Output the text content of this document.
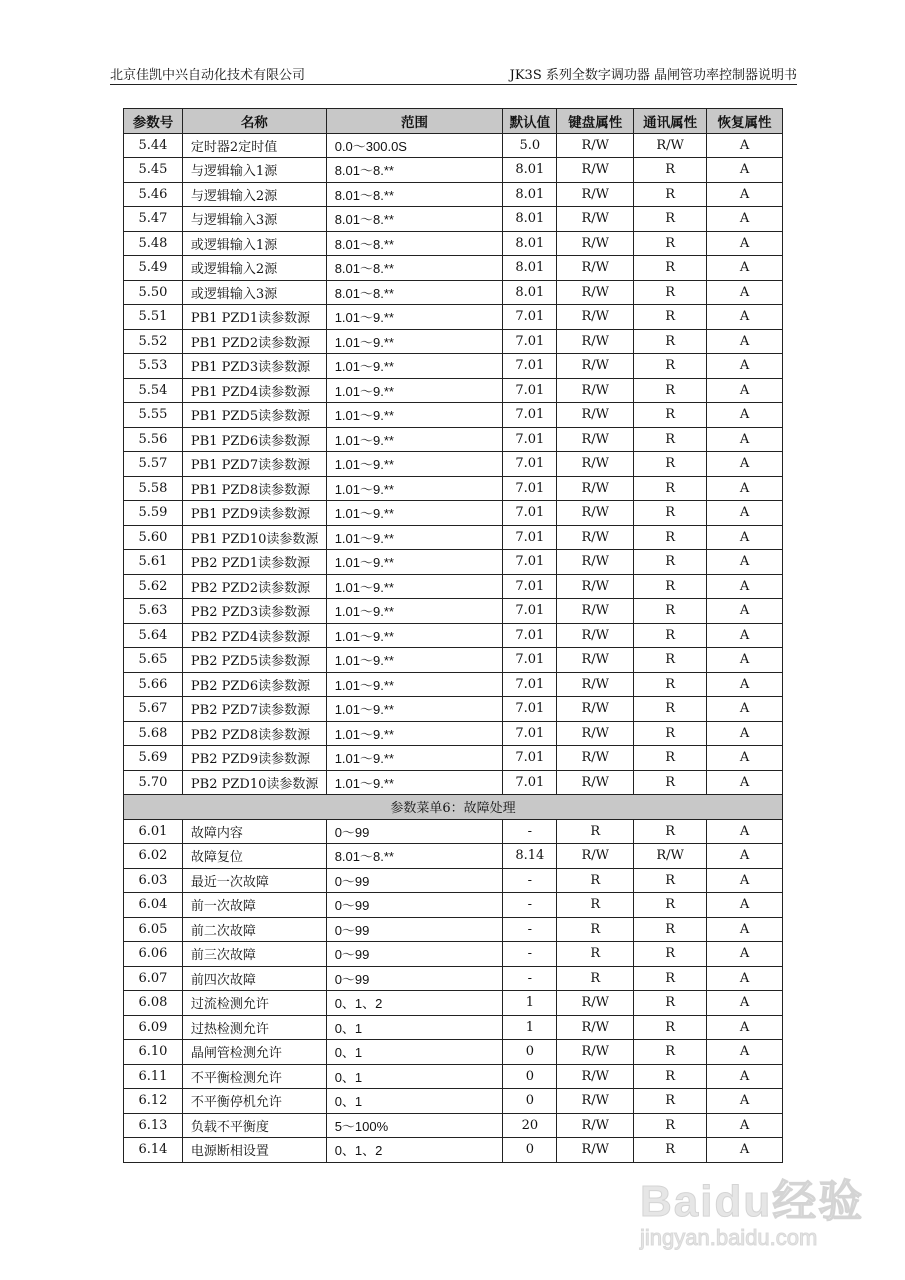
北京佳凯中兴自动化技术有限公司	JK3S 系列全数字调功器 晶闸管功率控制器说明书
参数号	名称	范围	默认值	键盘属性	通讯属性	恢复属性
5.44	定时器2定时值	0.0～300.0S	5.0	R/W	R/W	A
5.45	与逻辑输入1源	8.01～8.**	8.01	R/W	R	A
5.46	与逻辑输入2源	8.01～8.**	8.01	R/W	R	A
5.47	与逻辑输入3源	8.01～8.**	8.01	R/W	R	A
5.48	或逻辑输入1源	8.01～8.**	8.01	R/W	R	A
5.49	或逻辑输入2源	8.01～8.**	8.01	R/W	R	A
5.50	或逻辑输入3源	8.01～8.**	8.01	R/W	R	A
5.51	PB1 PZD1读参数源	1.01～9.**	7.01	R/W	R	A
5.52	PB1 PZD2读参数源	1.01～9.**	7.01	R/W	R	A
5.53	PB1 PZD3读参数源	1.01～9.**	7.01	R/W	R	A
5.54	PB1 PZD4读参数源	1.01～9.**	7.01	R/W	R	A
5.55	PB1 PZD5读参数源	1.01～9.**	7.01	R/W	R	A
5.56	PB1 PZD6读参数源	1.01～9.**	7.01	R/W	R	A
5.57	PB1 PZD7读参数源	1.01～9.**	7.01	R/W	R	A
5.58	PB1 PZD8读参数源	1.01～9.**	7.01	R/W	R	A
5.59	PB1 PZD9读参数源	1.01～9.**	7.01	R/W	R	A
5.60	PB1 PZD10读参数源	1.01～9.**	7.01	R/W	R	A
5.61	PB2 PZD1读参数源	1.01～9.**	7.01	R/W	R	A
5.62	PB2 PZD2读参数源	1.01～9.**	7.01	R/W	R	A
5.63	PB2 PZD3读参数源	1.01～9.**	7.01	R/W	R	A
5.64	PB2 PZD4读参数源	1.01～9.**	7.01	R/W	R	A
5.65	PB2 PZD5读参数源	1.01～9.**	7.01	R/W	R	A
5.66	PB2 PZD6读参数源	1.01～9.**	7.01	R/W	R	A
5.67	PB2 PZD7读参数源	1.01～9.**	7.01	R/W	R	A
5.68	PB2 PZD8读参数源	1.01～9.**	7.01	R/W	R	A
5.69	PB2 PZD9读参数源	1.01～9.**	7.01	R/W	R	A
5.70	PB2 PZD10读参数源	1.01～9.**	7.01	R/W	R	A
参数菜单6：故障处理						
6.01	故障内容	0～99	-	R	R	A
6.02	故障复位	8.01～8.**	8.14	R/W	R/W	A
6.03	最近一次故障	0～99	-	R	R	A
6.04	前一次故障	0～99	-	R	R	A
6.05	前二次故障	0～99	-	R	R	A
6.06	前三次故障	0～99	-	R	R	A
6.07	前四次故障	0～99	-	R	R	A
6.08	过流检测允许	0、1、2	1	R/W	R	A
6.09	过热检测允许	0、1	1	R/W	R	A
6.10	晶闸管检测允许	0、1	0	R/W	R	A
6.11	不平衡检测允许	0、1	0	R/W	R	A
6.12	不平衡停机允许	0、1	0	R/W	R	A
6.13	负载不平衡度	5～100%	20	R/W	R	A
6.14	电源断相设置	0、1、2	0	R/W	R	A
Baidu经验
jingyan.baidu.com
